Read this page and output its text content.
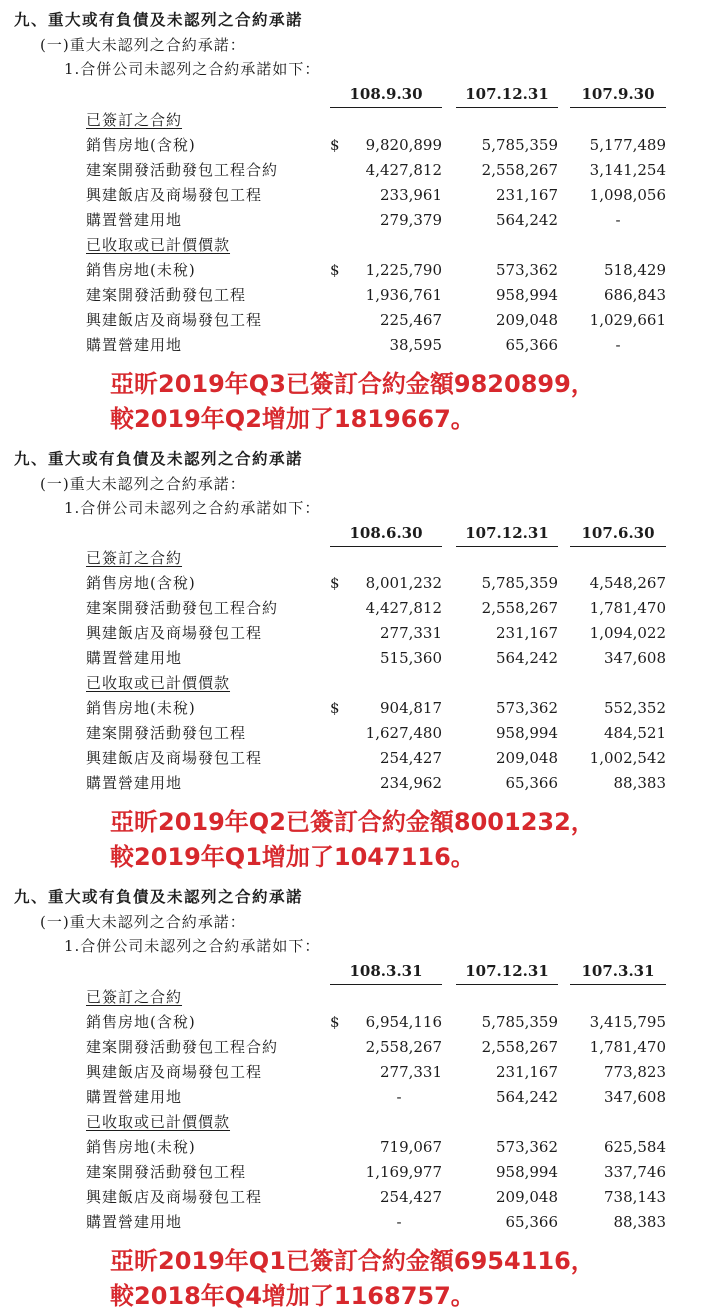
九、重大或有負債及未認列之合約承諾
(一)重大未認列之合約承諾：
1.合併公司未認列之合約承諾如下：
	108.9.30			107.12.31		107.9.30
已簽訂之合約						
銷售房地(含稅)	$	9,820,899		5,785,359		5,177,489
建案開發活動發包工程合約		4,427,812		2,558,267		3,141,254
興建飯店及商場發包工程		233,961		231,167		1,098,056
購置營建用地		279,379		564,242		-
已收取或已計價價款						
銷售房地(未稅)	$	1,225,790		573,362		518,429
建案開發活動發包工程		1,936,761		958,994		686,843
興建飯店及商場發包工程		225,467		209,048		1,029,661
購置營建用地		38,595		65,366		-
亞昕2019年Q3已簽訂合約金額9820899，
較2019年Q2增加了1819667。
九、重大或有負債及未認列之合約承諾
(一)重大未認列之合約承諾：
1.合併公司未認列之合約承諾如下：
	108.6.30			107.12.31		107.6.30
已簽訂之合約						
銷售房地(含稅)	$	8,001,232		5,785,359		4,548,267
建案開發活動發包工程合約		4,427,812		2,558,267		1,781,470
興建飯店及商場發包工程		277,331		231,167		1,094,022
購置營建用地		515,360		564,242		347,608
已收取或已計價價款						
銷售房地(未稅)	$	904,817		573,362		552,352
建案開發活動發包工程		1,627,480		958,994		484,521
興建飯店及商場發包工程		254,427		209,048		1,002,542
購置營建用地		234,962		65,366		88,383
亞昕2019年Q2已簽訂合約金額8001232，
較2019年Q1增加了1047116。
九、重大或有負債及未認列之合約承諾
(一)重大未認列之合約承諾：
1.合併公司未認列之合約承諾如下：
	108.3.31			107.12.31		107.3.31
已簽訂之合約						
銷售房地(含稅)	$	6,954,116		5,785,359		3,415,795
建案開發活動發包工程合約		2,558,267		2,558,267		1,781,470
興建飯店及商場發包工程		277,331		231,167		773,823
購置營建用地		-		564,242		347,608
已收取或已計價價款						
銷售房地(未稅)		719,067		573,362		625,584
建案開發活動發包工程		1,169,977		958,994		337,746
興建飯店及商場發包工程		254,427		209,048		738,143
購置營建用地		-		65,366		88,383
亞昕2019年Q1已簽訂合約金額6954116，
較2018年Q4增加了1168757。
